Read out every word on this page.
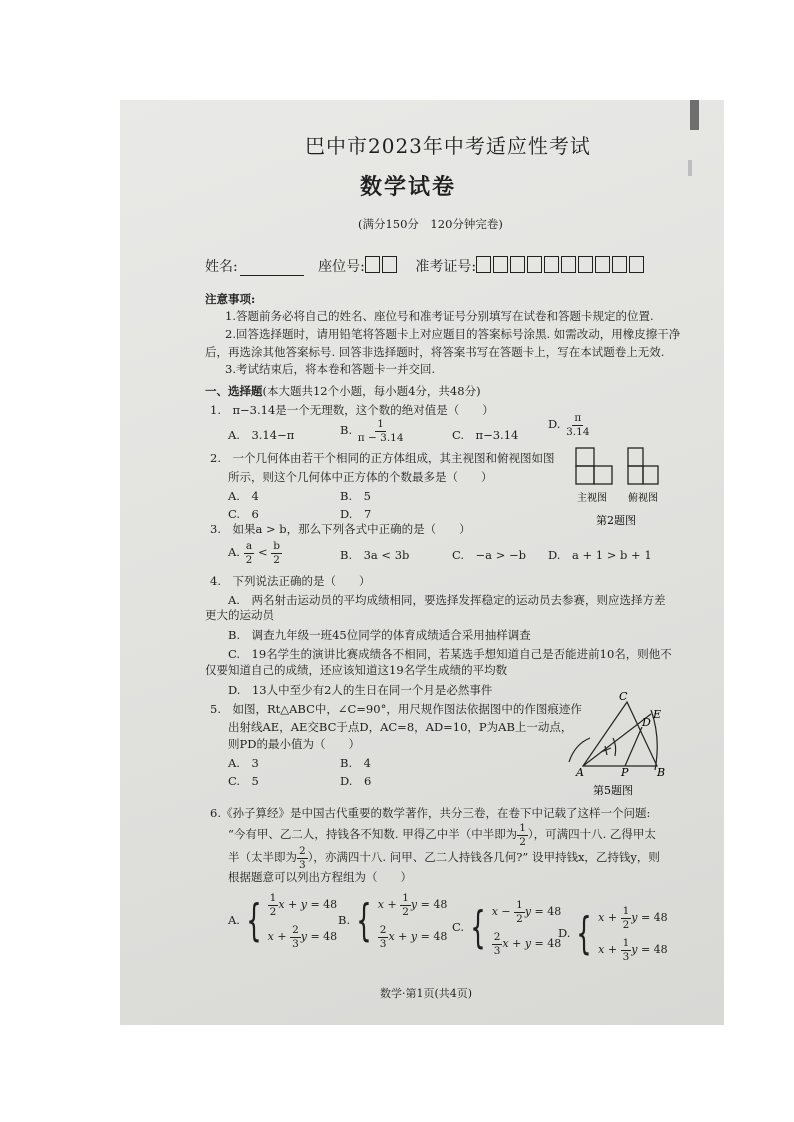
巴中市2023年中考适应性考试
数学试卷
(满分150分　120分钟完卷)
姓名:	座位号:	准考证号:
注意事项:
1.答题前务必将自己的姓名、座位号和准考证号分别填写在试卷和答题卡规定的位置.
2.回答选择题时，请用铅笔将答题卡上对应题目的答案标号涂黑. 如需改动，用橡皮擦干净
后，再选涂其他答案标号. 回答非选择题时，将答案书写在答题卡上，写在本试题卷上无效.
3.考试结束后，将本卷和答题卡一并交回.
一、选择题(本大题共12个小题，每小题4分，共48分)
1.　π−3.14是一个无理数，这个数的绝对值是（　　）
A.　3.14−π	B. $\frac{1}{\pi - 3.14}$	C.　π−3.14
D. $\frac{\pi}{3.14}$
2.　一个几何体由若干个相同的正方体组成，其主视图和俯视图如图
所示，则这个几何体中正方体的个数最多是（　　）
A.　4	B.　5
C.　6	D.　7
主视图 俯视图
第2题图
3.　如果a > b，那么下列各式中正确的是（　　）
A. $\frac{a}{2} < \frac{b}{2}$	B.　3a < 3b	C.　−a > −b D.　a + 1 > b + 1
4.　下列说法正确的是（　　）
A.　两名射击运动员的平均成绩相同，要选择发挥稳定的运动员去参赛，则应选择方差
更大的运动员
B.　调查九年级一班45位同学的体育成绩适合采用抽样调查
C.　19名学生的演讲比赛成绩各不相同，若某选手想知道自己是否能进前10名，则他不
仅要知道自己的成绩，还应该知道这19名学生成绩的平均数
D.　13人中至少有2人的生日在同一个月是必然事件
5.　如图，Rt△ABC中，∠C=90°，用尺规作图法依据图中的作图痕迹作
出射线AE，AE交BC于点D，AC=8，AD=10，P为AB上一动点，
则PD的最小值为（　　）
A.　3	B.　4
C.　5	D.　6
C
D
E
A	P	B
第5题图
6.《孙子算经》是中国古代重要的数学著作，共分三卷，在卷下中记载了这样一个问题:
“今有甲、乙二人，持钱各不知数. 甲得乙中半（中半即为 $\frac{1}{2}$ ），可满四十八. 乙得甲太
半（太半即为 $\frac{2}{3}$ ），亦满四十八. 问甲、乙二人持钱各几何?” 设甲持钱x，乙持钱y，则
根据题意可以列出方程组为（　　）
A. { $\frac{1}{2}$ x + y = 48
$x + \frac{2}{3}$ y = 48
B. { $x + \frac{1}{2}$ y = 48
$\frac{2}{3}$ x + y = 48
C. { $x - \frac{1}{2}$ y = 48
$\frac{2}{3}$ x + y = 48
D. { $x + \frac{1}{2}$ y = 48
$x + \frac{1}{3}$ y = 48
数学·第1页(共4页)
